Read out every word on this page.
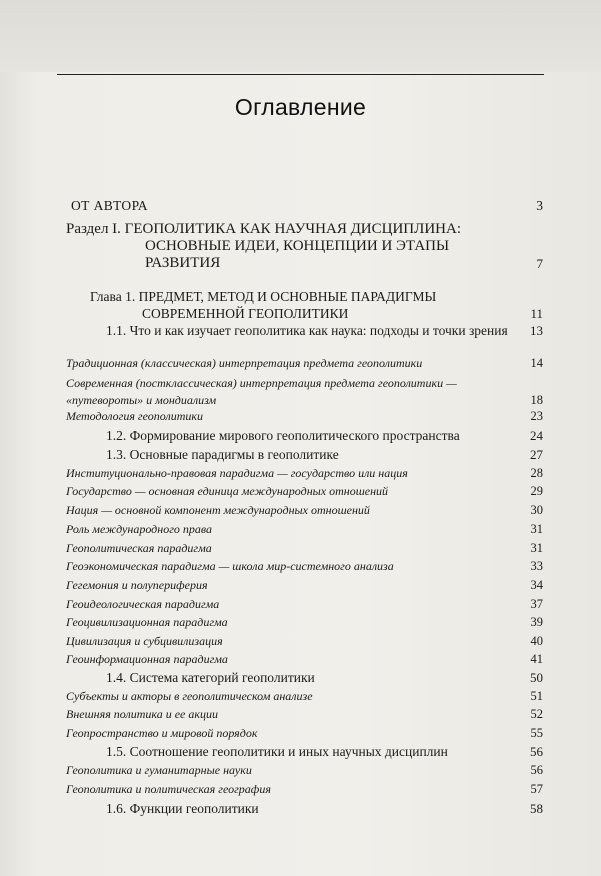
Оглавление
ОТ АВТОРА	3
Раздел I. ГЕОПОЛИТИКА КАК НАУЧНАЯ ДИСЦИПЛИНА: ОСНОВНЫЕ ИДЕИ, КОНЦЕПЦИИ И ЭТАПЫ РАЗВИТИЯ	7
Глава 1. ПРЕДМЕТ, МЕТОД И ОСНОВНЫЕ ПАРАДИГМЫ СОВРЕМЕННОЙ ГЕОПОЛИТИКИ	11
1.1. Что и как изучает геополитика как наука: подходы и точки зрения	13
Традиционная (классическая) интерпретация предмета геополитики	14
Современная (постклассическая) интерпретация предмета геополитики — «путевороты» и мондиализм	18
Методология геополитики	23
1.2. Формирование мирового геополитического пространства	24
1.3. Основные парадигмы в геополитике	27
Институционально-правовая парадигма — государство или нация	28
Государство — основная единица международных отношений	29
Нация — основной компонент международных отношений	30
Роль международного права	31
Геополитическая парадигма	31
Геоэкономическая парадигма — школа мир-системного анализа	33
Гегемония и полупериферия	34
Геоидеологическая парадигма	37
Геоцивилизационная парадигма	39
Цивилизация и субцивилизация	40
Геоинформационная парадигма	41
1.4. Система категорий геополитики	50
Субъекты и акторы в геополитическом анализе	51
Внешняя политика и ее акции	52
Геопространство и мировой порядок	55
1.5. Соотношение геополитики и иных научных дисциплин	56
Геополитика и гуманитарные науки	56
Геополитика и политическая география	57
1.6. Функции геополитики	58
